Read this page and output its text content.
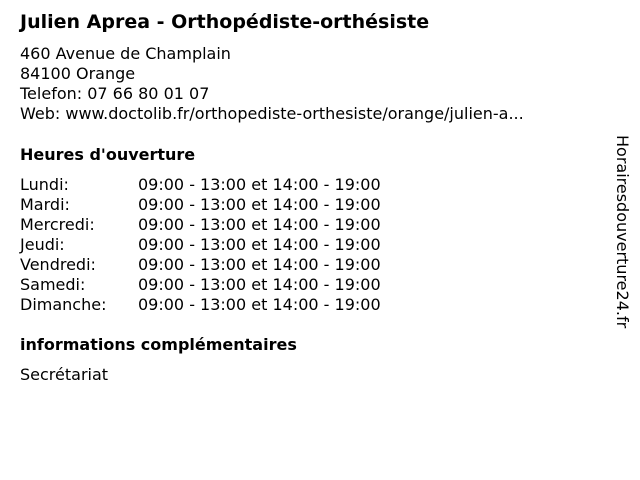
Julien Aprea - Orthopédiste-orthésiste
460 Avenue de Champlain
84100 Orange
Telefon: 07 66 80 01 07
Web: www.doctolib.fr/orthopediste-orthesiste/orange/julien-a...
Heures d'ouverture
Lundi:	09:00 - 13:00 et 14:00 - 19:00
Mardi:	09:00 - 13:00 et 14:00 - 19:00
Mercredi:	09:00 - 13:00 et 14:00 - 19:00
Jeudi:	09:00 - 13:00 et 14:00 - 19:00
Vendredi:	09:00 - 13:00 et 14:00 - 19:00
Samedi:	09:00 - 13:00 et 14:00 - 19:00
Dimanche:	09:00 - 13:00 et 14:00 - 19:00
informations complémentaires
Secrétariat
Horairesdouverture24.fr
